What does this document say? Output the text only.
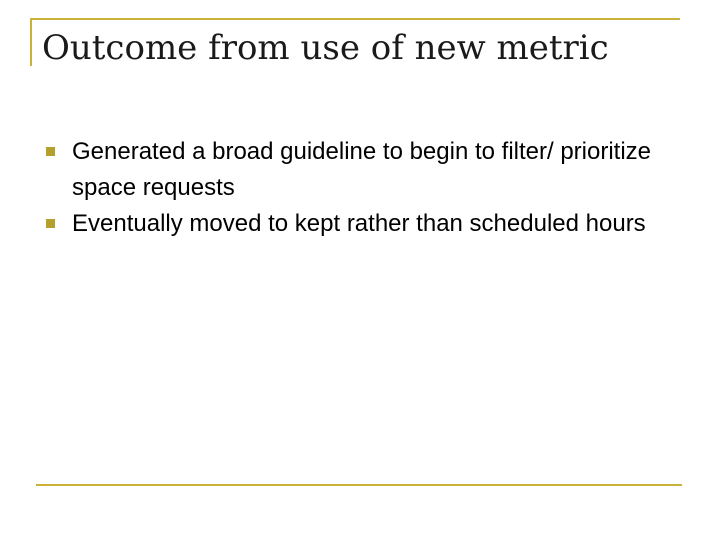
Outcome from use of new metric
Generated a broad guideline to begin to filter/ prioritize space requests
Eventually moved to kept rather than scheduled hours
